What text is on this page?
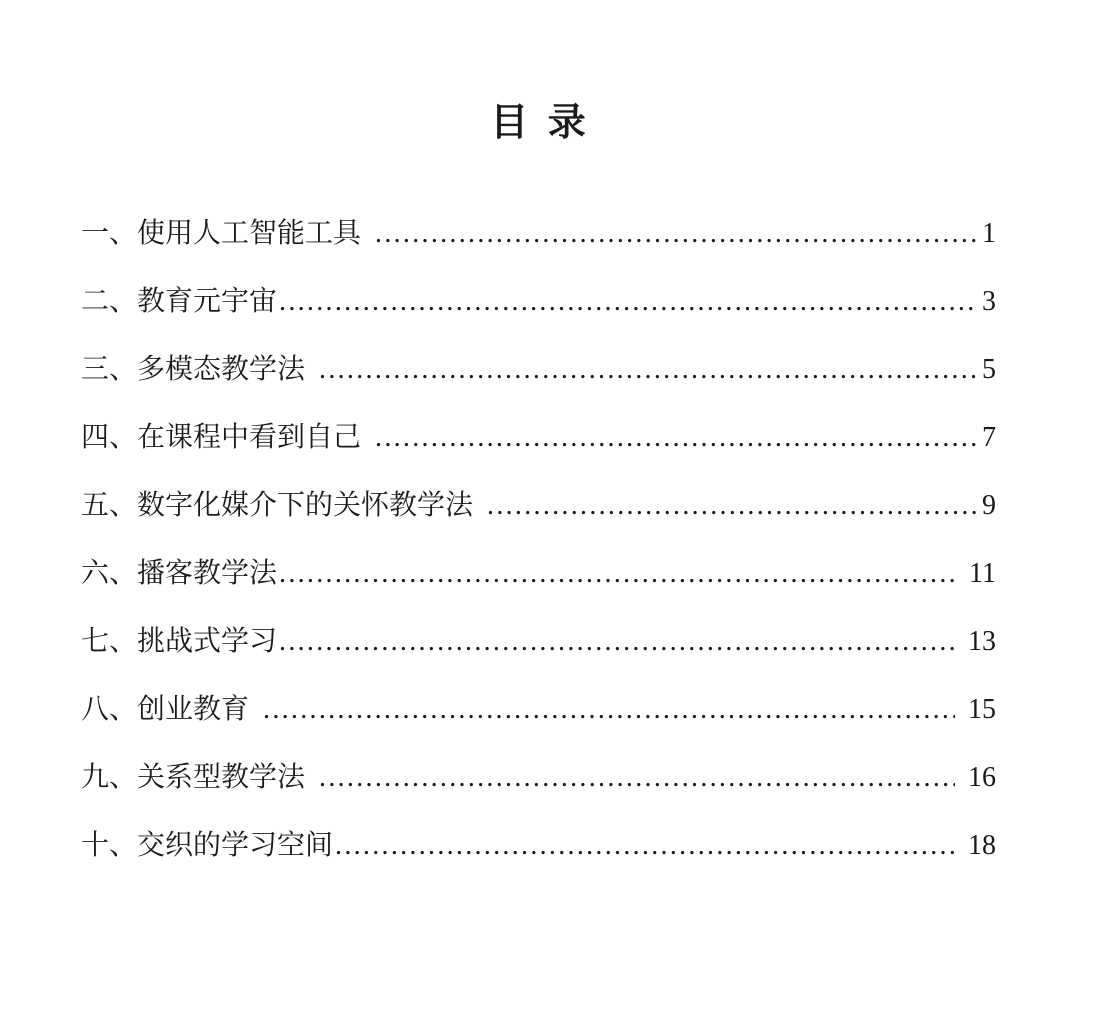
目 录
一、使用人工智能工具 .....	1
二、教育元宇宙 .....	3
三、多模态教学法 .....	5
四、在课程中看到自己 .....	7
五、数字化媒介下的关怀教学法 .....	9
六、播客教学法 .....	11
七、挑战式学习 .....	13
八、创业教育 .....	15
九、关系型教学法 .....	16
十、交织的学习空间 .....	18
